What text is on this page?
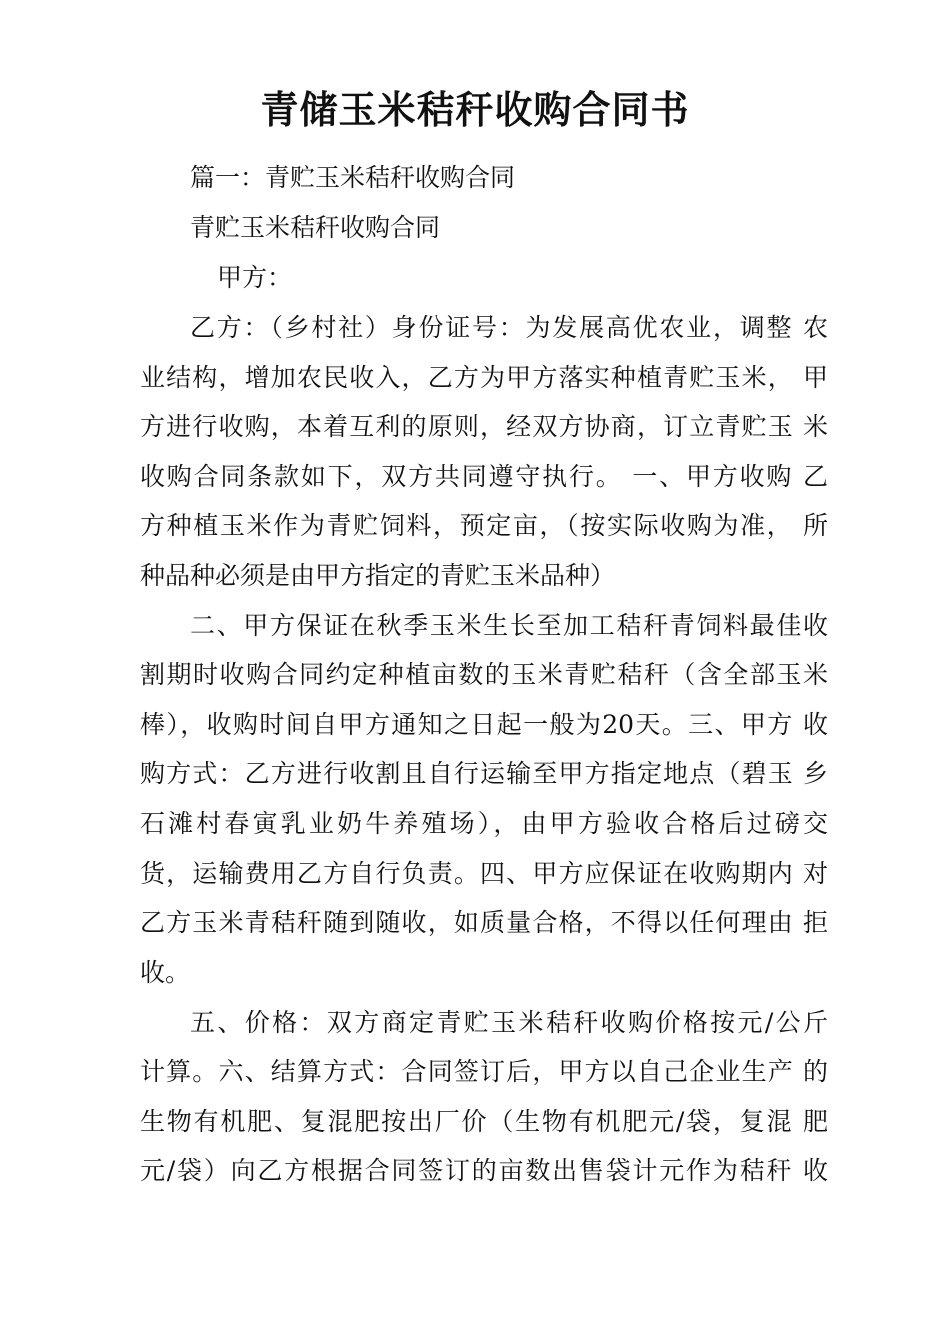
青储玉米秸秆收购合同书

篇一：青贮玉米秸秆收购合同

青贮玉米秸秆收购合同

甲方：

乙方：（乡村社）身份证号：为发展高优农业，调整 农

业结构，增加农民收入，乙方为甲方落实种植青贮玉米， 甲

方进行收购，本着互利的原则，经双方协商，订立青贮玉 米

收购合同条款如下，双方共同遵守执行。 一、甲方收购 乙

方种植玉米作为青贮饲料，预定亩，（按实际收购为准， 所

种品种必须是由甲方指定的青贮玉米品种）

二、甲方保证在秋季玉米生长至加工秸秆青饲料最佳收

割期时收购合同约定种植亩数的玉米青贮秸秆（含全部玉米

棒），收购时间自甲方通知之日起一般为20天。三、甲方 收

购方式：乙方进行收割且自行运输至甲方指定地点（碧玉 乡

石滩村春寅乳业奶牛养殖场），由甲方验收合格后过磅交

货，运输费用乙方自行负责。四、甲方应保证在收购期内 对

乙方玉米青秸秆随到随收，如质量合格，不得以任何理由 拒

收。

五、价格：双方商定青贮玉米秸秆收购价格按元/公斤

计算。六、结算方式：合同签订后，甲方以自己企业生产 的

生物有机肥、复混肥按出厂价（生物有机肥元/袋，复混 肥

元/袋）向乙方根据合同签订的亩数出售袋计元作为秸秆 收
